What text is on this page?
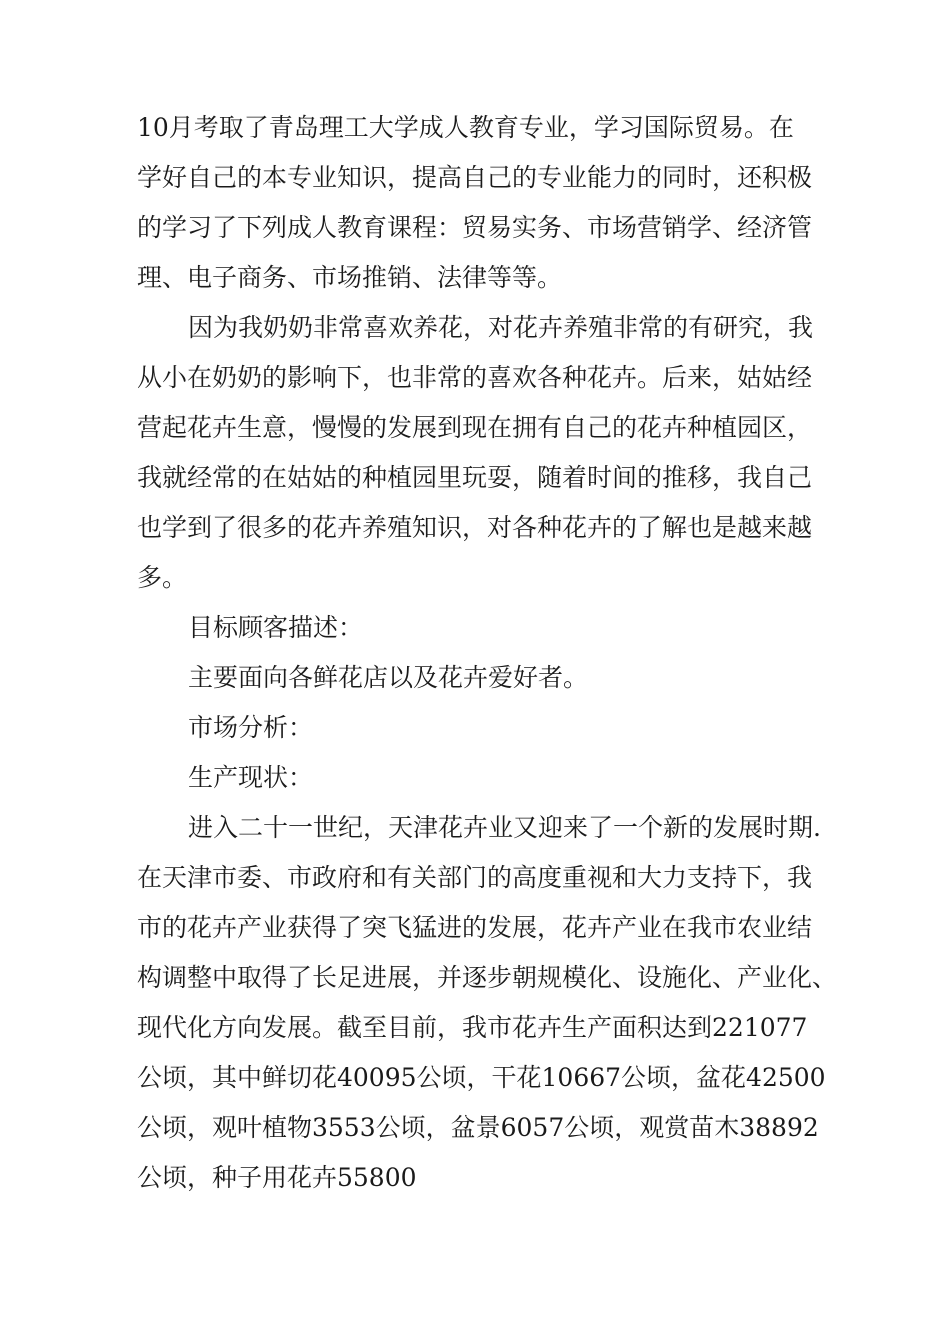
10月考取了青岛理工大学成人教育专业，学习国际贸易。在
学好自己的本专业知识，提高自己的专业能力的同时，还积极
的学习了下列成人教育课程：贸易实务、市场营销学、经济管
理、电子商务、市场推销、法律等等。
因为我奶奶非常喜欢养花，对花卉养殖非常的有研究，我
从小在奶奶的影响下，也非常的喜欢各种花卉。后来，姑姑经
营起花卉生意，慢慢的发展到现在拥有自己的花卉种植园区，
我就经常的在姑姑的种植园里玩耍，随着时间的推移，我自己
也学到了很多的花卉养殖知识，对各种花卉的了解也是越来越
多。
目标顾客描述：
主要面向各鲜花店以及花卉爱好者。
市场分析：
生产现状：
进入二十一世纪，天津花卉业又迎来了一个新的发展时期.
在天津市委、市政府和有关部门的高度重视和大力支持下，我
市的花卉产业获得了突飞猛进的发展，花卉产业在我市农业结
构调整中取得了长足进展，并逐步朝规模化、设施化、产业化、
现代化方向发展。截至目前，我市花卉生产面积达到221077
公顷，其中鲜切花40095公顷，干花10667公顷，盆花42500
公顷，观叶植物3553公顷，盆景6057公顷，观赏苗木38892
公顷，种子用花卉55800
